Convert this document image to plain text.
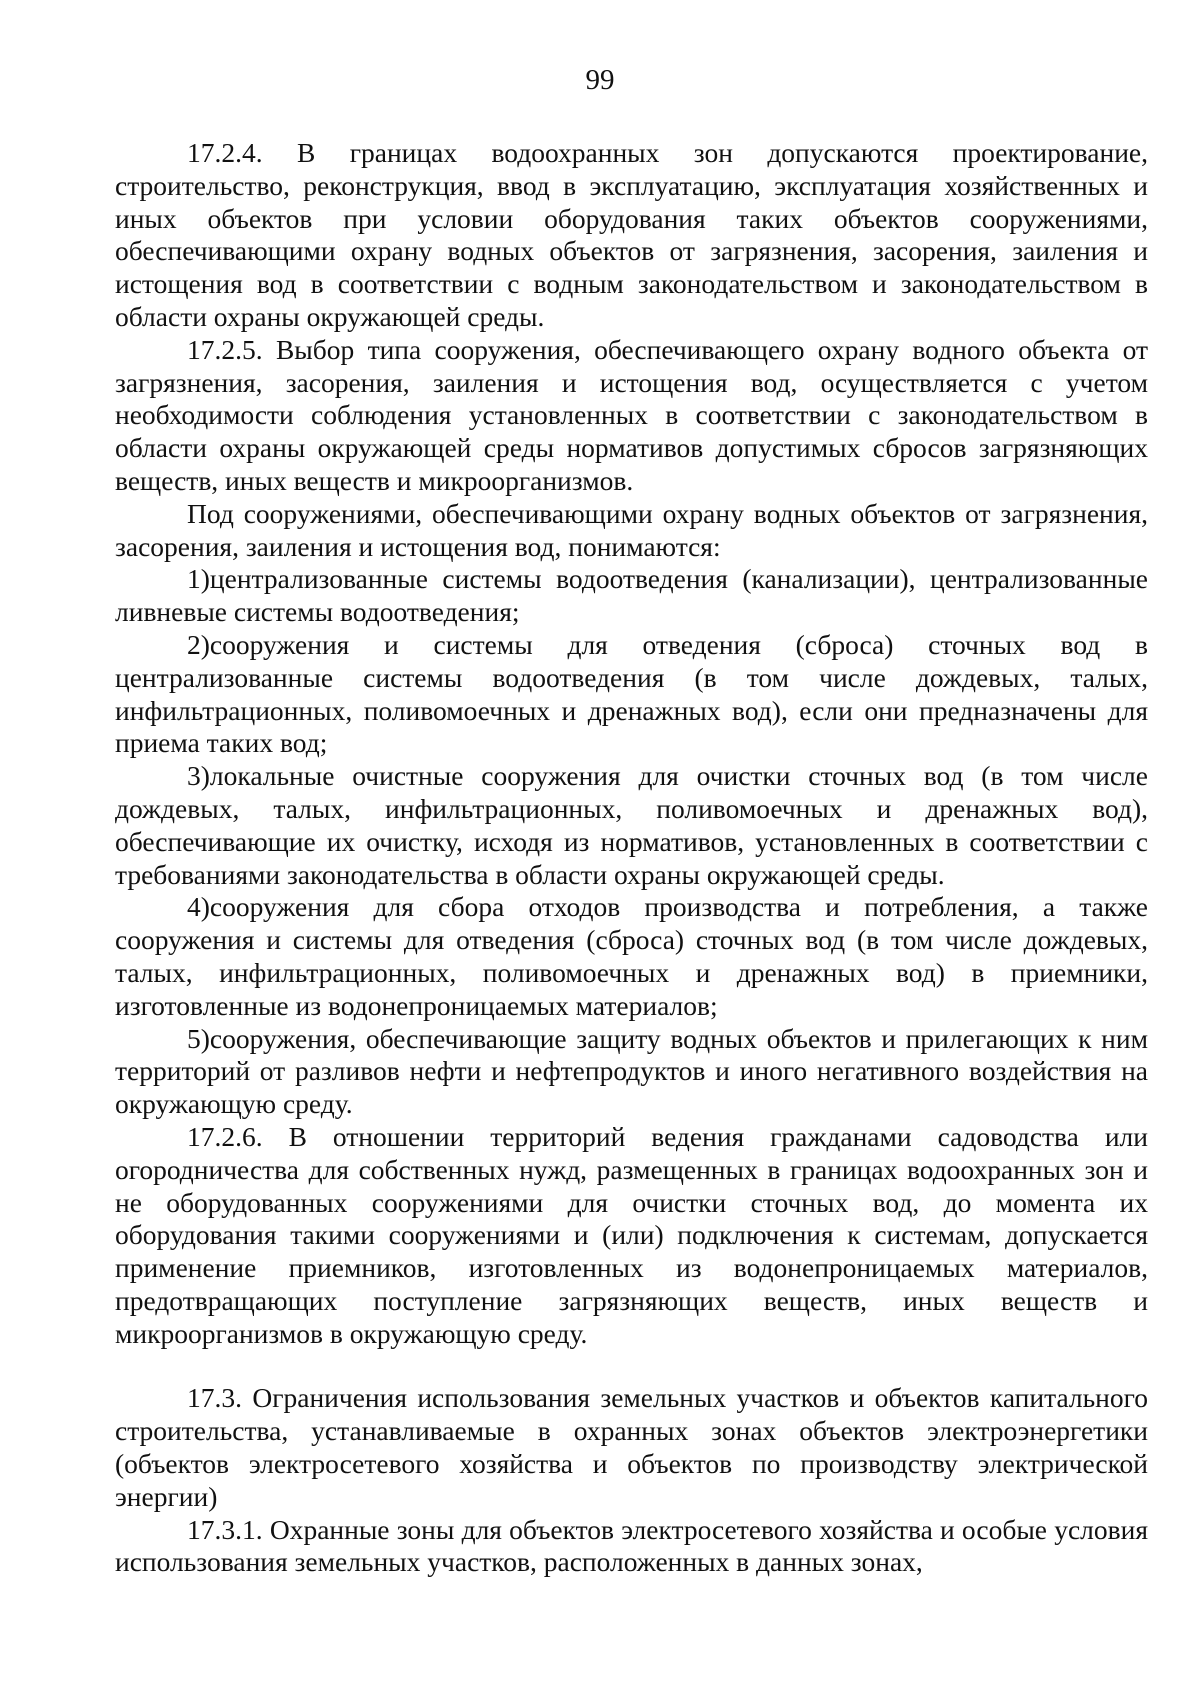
99

17.2.4. В границах водоохранных зон допускаются проектирование, строительство, реконструкция, ввод в эксплуатацию, эксплуатация хозяйственных и иных объектов при условии оборудования таких объектов сооружениями, обеспечивающими охрану водных объектов от загрязнения, засорения, заиления и истощения вод в соответствии с водным законодательством и законодательством в области охраны окружающей среды.

17.2.5. Выбор типа сооружения, обеспечивающего охрану водного объекта от загрязнения, засорения, заиления и истощения вод, осуществляется с учетом необходимости соблюдения установленных в соответствии с законодательством в области охраны окружающей среды нормативов допустимых сбросов загрязняющих веществ, иных веществ и микроорганизмов.

Под сооружениями, обеспечивающими охрану водных объектов от загрязнения, засорения, заиления и истощения вод, понимаются:

1)централизованные системы водоотведения (канализации), централизованные ливневые системы водоотведения;

2)сооружения и системы для отведения (сброса) сточных вод в централизованные системы водоотведения (в том числе дождевых, талых, инфильтрационных, поливомоечных и дренажных вод), если они предназначены для приема таких вод;

3)локальные очистные сооружения для очистки сточных вод (в том числе дождевых, талых, инфильтрационных, поливомоечных и дренажных вод), обеспечивающие их очистку, исходя из нормативов, установленных в соответствии с требованиями законодательства в области охраны окружающей среды.

4)сооружения для сбора отходов производства и потребления, а также сооружения и системы для отведения (сброса) сточных вод (в том числе дождевых, талых, инфильтрационных, поливомоечных и дренажных вод) в приемники, изготовленные из водонепроницаемых материалов;

5)сооружения, обеспечивающие защиту водных объектов и прилегающих к ним территорий от разливов нефти и нефтепродуктов и иного негативного воздействия на окружающую среду.

17.2.6. В отношении территорий ведения гражданами садоводства или огородничества для собственных нужд, размещенных в границах водоохранных зон и не оборудованных сооружениями для очистки сточных вод, до момента их оборудования такими сооружениями и (или) подключения к системам, допускается применение приемников, изготовленных из водонепроницаемых материалов, предотвращающих поступление загрязняющих веществ, иных веществ и микроорганизмов в окружающую среду.

17.3. Ограничения использования земельных участков и объектов капитального строительства, устанавливаемые в охранных зонах объектов электроэнергетики (объектов электросетевого хозяйства и объектов по производству электрической энергии)

17.3.1. Охранные зоны для объектов электросетевого хозяйства и особые условия использования земельных участков, расположенных в данных зонах,
